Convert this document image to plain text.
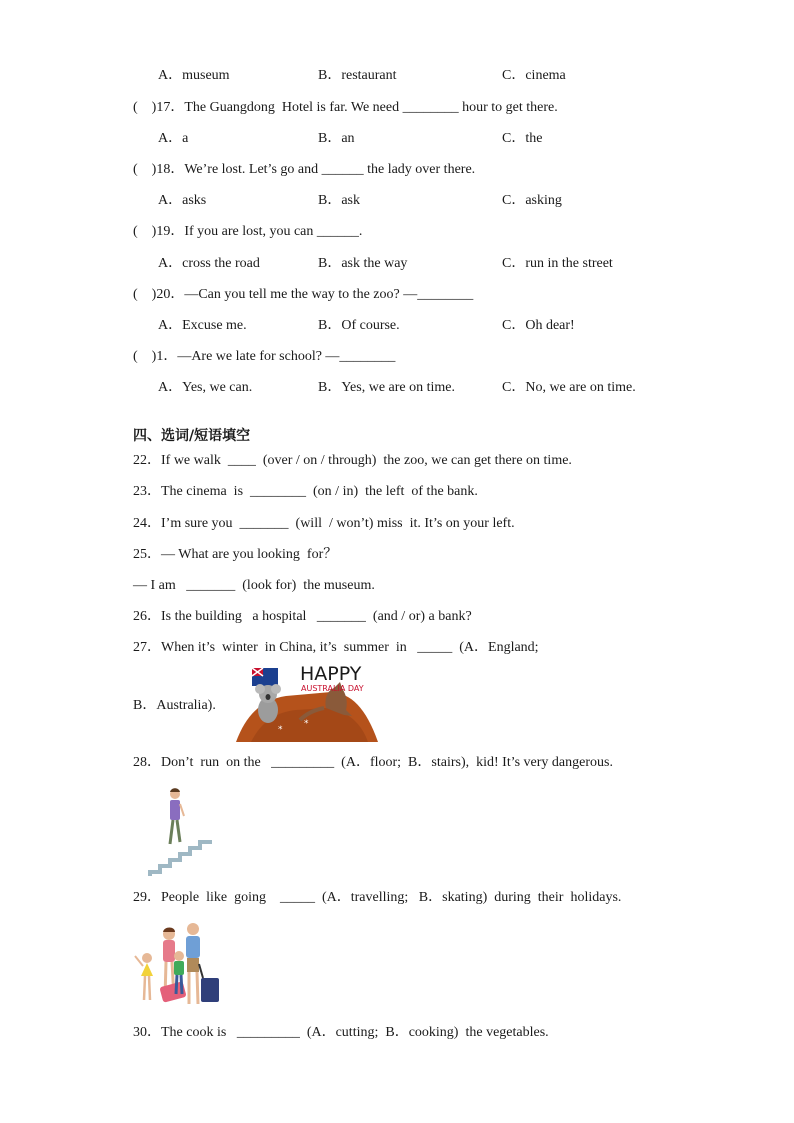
A．museum	B．restaurant	C．cinema
(    )17．The Guangdong  Hotel is far. We need ________ hour to get there.
A．a	B．an	C．the
(    )18．We’re lost. Let’s go and ______ the lady over there.
A．asks	B．ask	C．asking
(    )19．If you are lost, you can ______.
A．cross the road	B．ask the way	C．run in the street
(    )20．—Can you tell me the way to the zoo? —________
A．Excuse me.	B．Of course.	C．Oh dear!
(    )1．—Are we late for school? —________
A．Yes, we can.	B．Yes, we are on time.	C．No, we are on time.
四、选词/短语填空
22．If we walk  ____  (over / on / through)  the zoo, we can get there on time.
23．The cinema  is  ________  (on / in)  the left  of the bank.
24．I’m sure you  _______  (will  / won’t) miss  it. It’s on your left.
25．— What are you looking  for？
— I am   _______  (look for)  the museum.
26．Is the building   a hospital   _______  (and / or) a bank?
27．When it’s  winter  in China, it’s  summer  in   _____  (A．England;
B．Australia).
*
*
HAPPY
AUSTRALIA DAY
28．Don’t  run  on the   _________  (A．floor;  B．stairs),  kid! It’s very dangerous.
29．People  like  going    _____  (A．travelling;   B．skating)  during  their  holidays.
30．The cook is   _________  (A．cutting;  B．cooking)  the vegetables.
